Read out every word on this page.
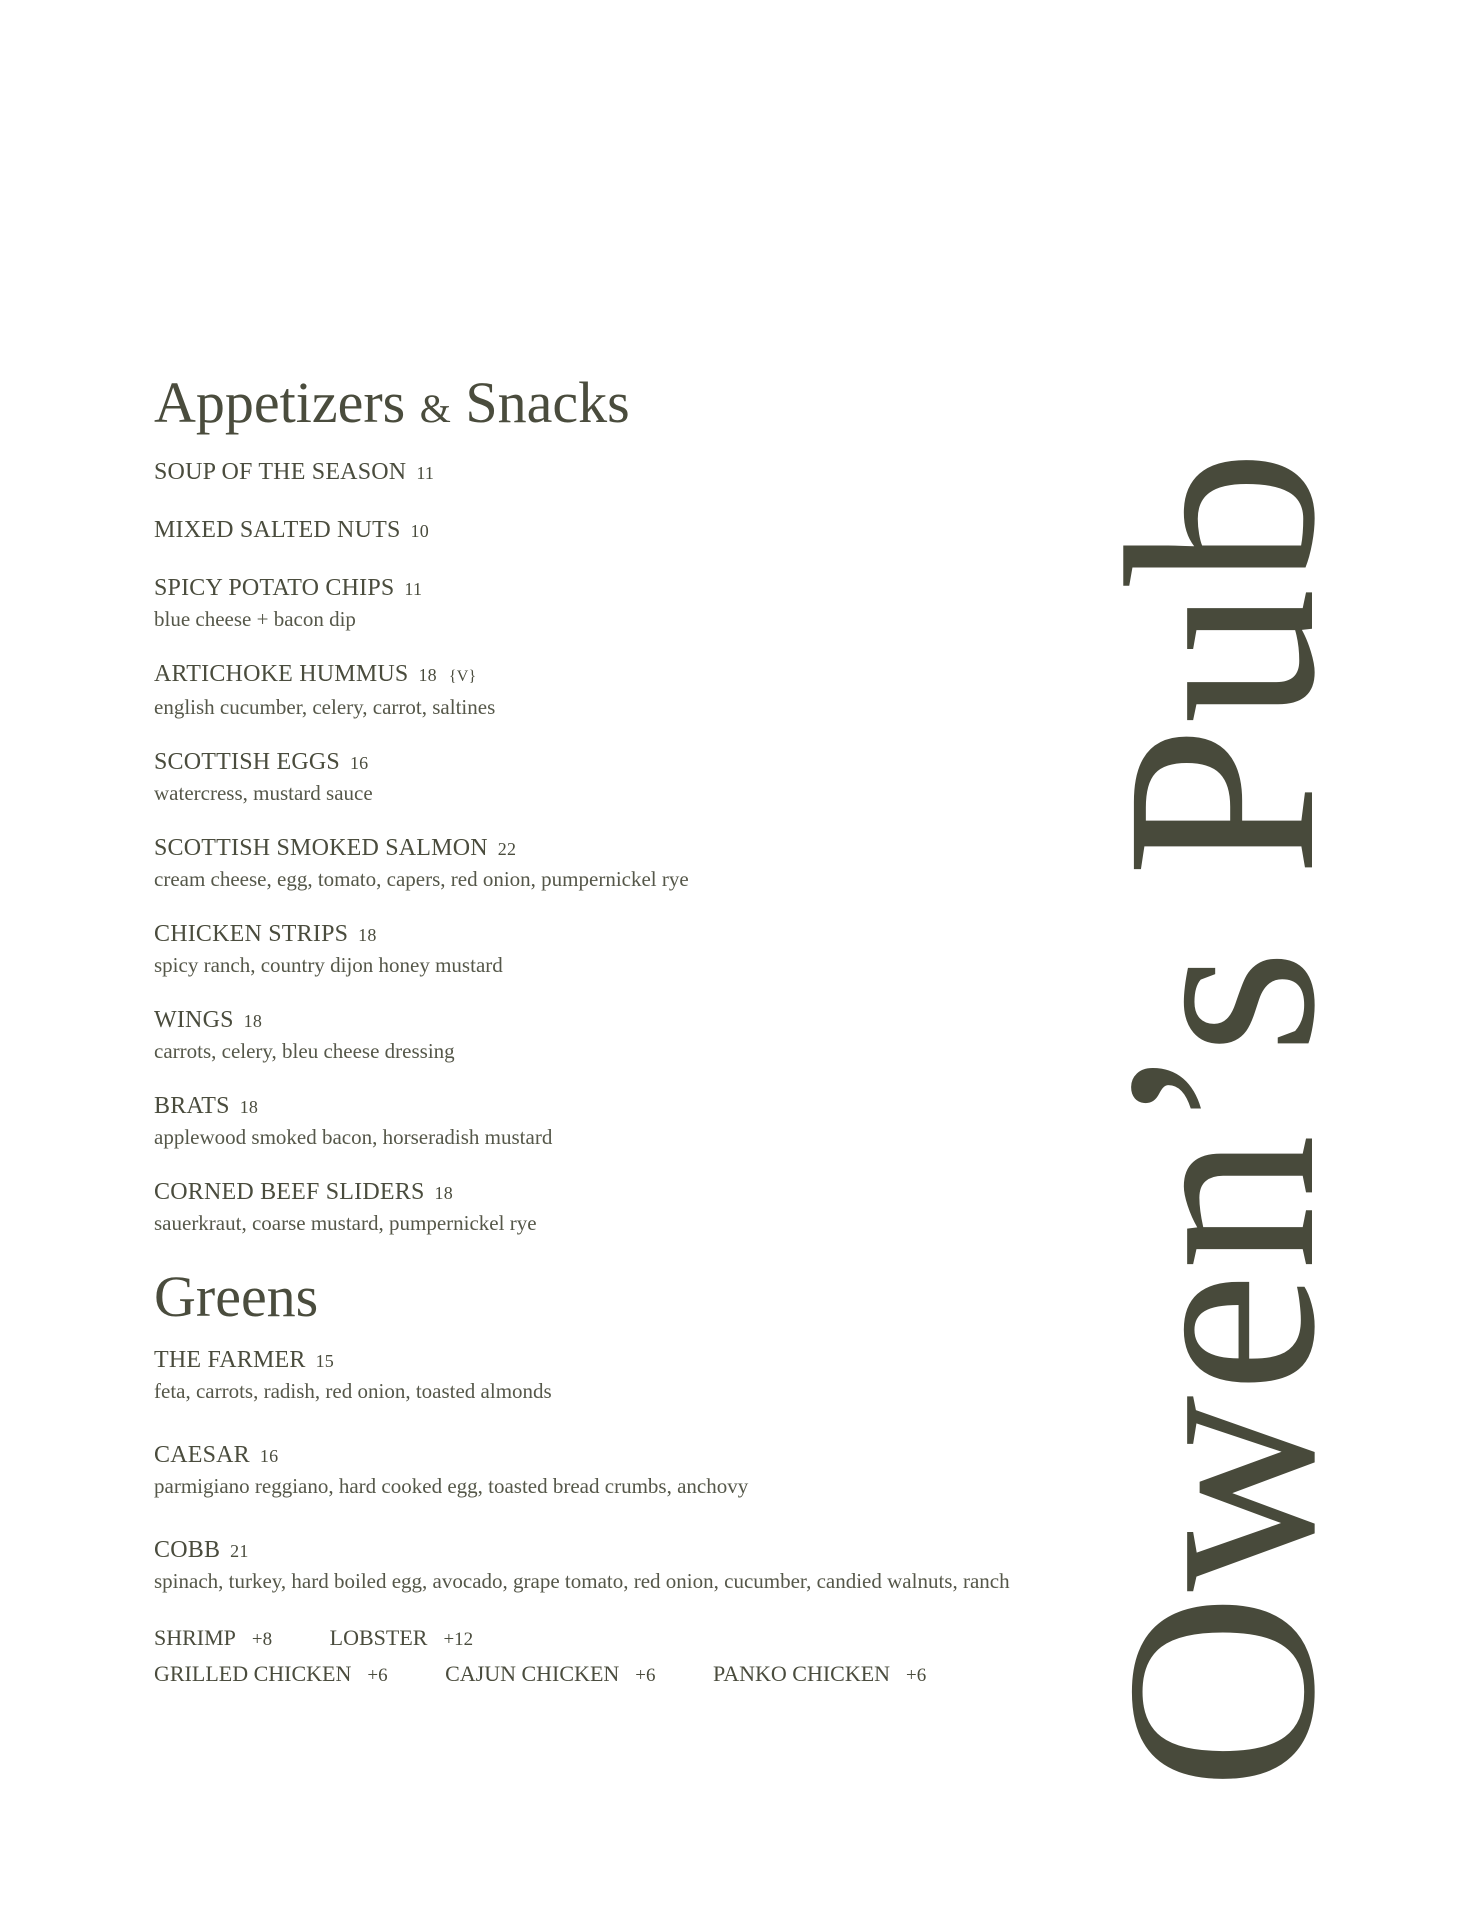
Appetizers & Snacks
SOUP OF THE SEASON 11
MIXED SALTED NUTS 10
SPICY POTATO CHIPS 11
blue cheese + bacon dip
ARTICHOKE HUMMUS 18 {V}
english cucumber, celery, carrot, saltines
SCOTTISH EGGS 16
watercress, mustard sauce
SCOTTISH SMOKED SALMON 22
cream cheese, egg, tomato, capers, red onion, pumpernickel rye
CHICKEN STRIPS 18
spicy ranch, country dijon honey mustard
WINGS 18
carrots, celery, bleu cheese dressing
BRATS 18
applewood smoked bacon, horseradish mustard
CORNED BEEF SLIDERS 18
sauerkraut, coarse mustard, pumpernickel rye
Greens
THE FARMER 15
feta, carrots, radish, red onion, toasted almonds
CAESAR 16
parmigiano reggiano, hard cooked egg, toasted bread crumbs, anchovy
COBB 21
spinach, turkey, hard boiled egg, avocado, grape tomato, red onion, cucumber, candied walnuts, ranch
SHRIMP +8	LOBSTER +12
GRILLED CHICKEN +6	CAJUN CHICKEN +6	PANKO CHICKEN +6 Owen’s Pub
